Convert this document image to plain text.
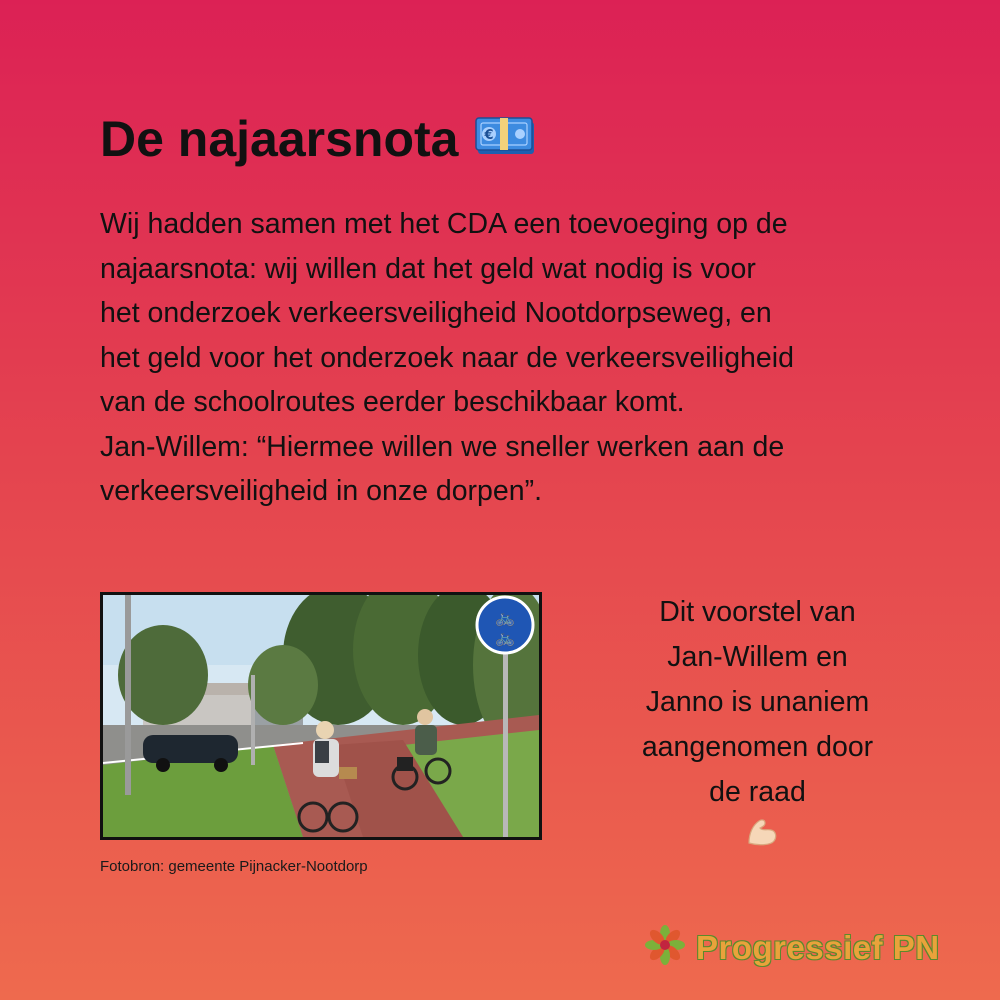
De najaarsnota €
Wij hadden samen met het CDA een toevoeging op de
najaarsnota: wij willen dat het geld wat nodig is voor
het onderzoek verkeersveiligheid Nootdorpseweg, en
het geld voor het onderzoek naar de verkeersveiligheid
van de schoolroutes eerder beschikbaar komt.
Jan-Willem: “Hiermee willen we sneller werken aan de
verkeersveiligheid in onze dorpen”.
🚲
🚲

Fotobron: gemeente Pijnacker-Nootdorp

Dit voorstel van
Jan-Willem en
Janno is unaniem
aangenomen door
de raad
Progressief PN
